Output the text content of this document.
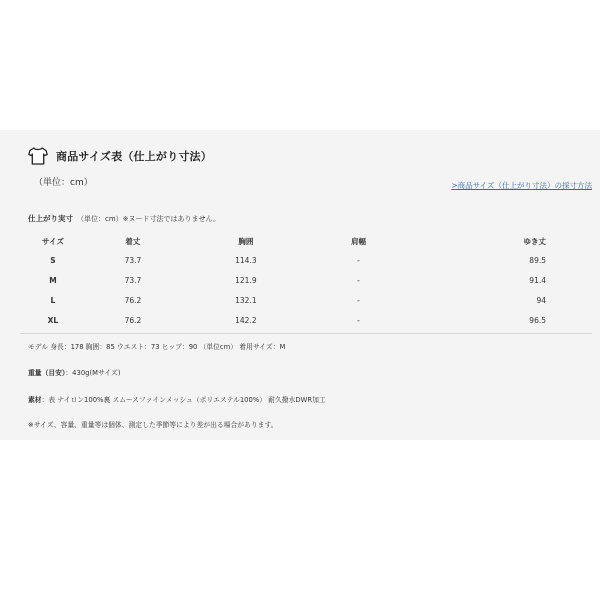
商品サイズ表（仕上がり寸法）
（単位：cm）	>商品サイズ（仕上がり寸法）の採寸方法
仕上がり実寸 （単位：cm）※ヌード寸法ではありません。
サイズ	着丈	胸囲	肩幅	ゆき丈
S	73.7	114.3	-	89.5
M	73.7	121.9	-	91.4
L	76.2	132.1	-	94
XL	76.2	142.2	-	96.5
モデル 身長：178 胸囲：85 ウエスト：73 ヒップ：90 （単位cm） 着用サイズ：M
重量（目安）：430g(Mサイズ)
素材：表 ナイロン100%裏 スムースファインメッシュ（ポリエステル100%） 耐久撥水DWR加工
※サイズ、容量、重量等は個体、測定した季節等により差が出る場合があります。
